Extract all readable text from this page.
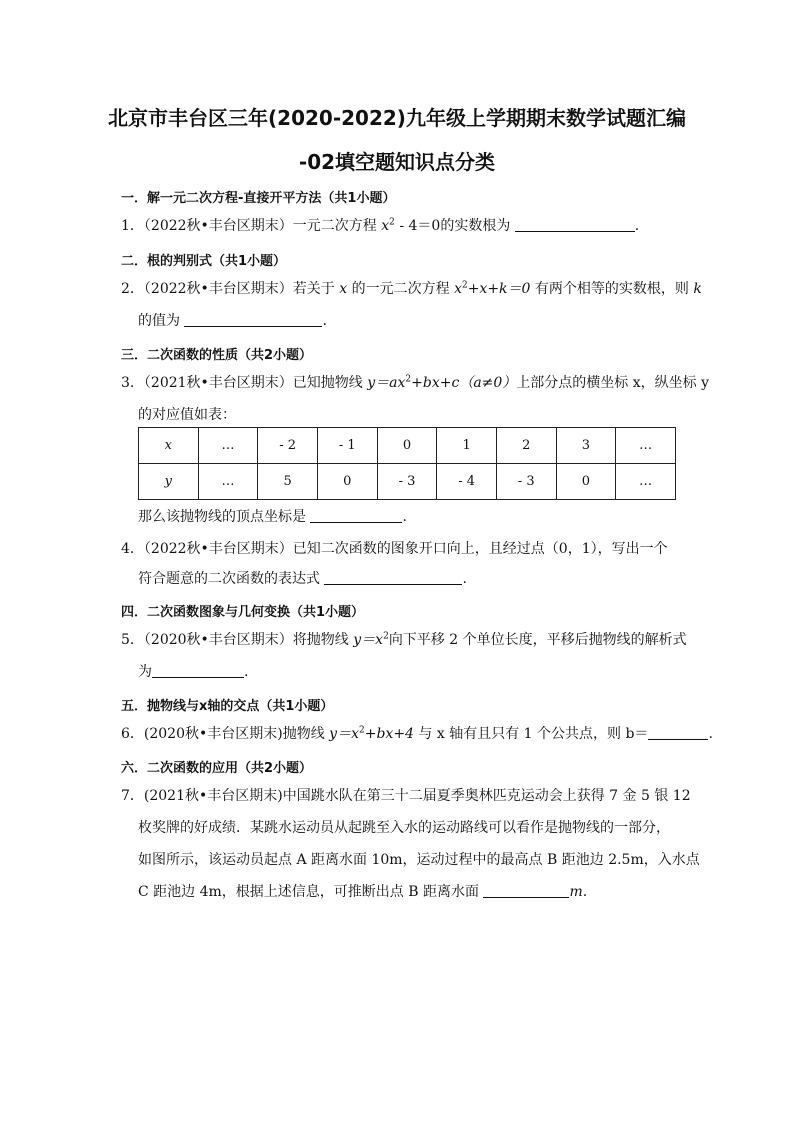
北京市丰台区三年(2020-2022)九年级上学期期末数学试题汇编
-02填空题知识点分类
一．解一元二次方程-直接开平方法（共1小题）
1．（2022秋•丰台区期末）一元二次方程 $x^2 - 4=0$的实数根为	.
二．根的判别式（共1小题）
2．（2022秋•丰台区期末）若关于 x 的一元二次方程 $x^2+x+k=0$ 有两个相等的实数根，则 k
的值为	.
三．二次函数的性质（共2小题）
3．（2021秋•丰台区期末）已知抛物线 $y=ax^2+bx+c(a\ne 0)$上部分点的横坐标 x，纵坐标 y
的对应值如表：
x	…	- 2	- 1	0	1	2	3	…
y	…	5	0	- 3	- 4	- 3	0	…
那么该抛物线的顶点坐标是	.
4．（2022秋•丰台区期末）已知二次函数的图象开口向上，且经过点（0，1），写出一个
符合题意的二次函数的表达式	.
四．二次函数图象与几何变换（共1小题）
5．（2020秋•丰台区期末）将抛物线 $y=x^2$向下平移 2 个单位长度，平移后抛物线的解析式
为	.
五．抛物线与x轴的交点（共1小题）
6．(2020秋•丰台区期末)抛物线 $y=x^2+bx+4$ 与 x 轴有且只有 1 个公共点，则 b＝	.
六．二次函数的应用（共2小题）
7．(2021秋•丰台区期末)中国跳水队在第三十二届夏季奥林匹克运动会上获得 7 金 5 银 12
枚奖牌的好成绩．某跳水运动员从起跳至入水的运动路线可以看作是抛物线的一部分，
如图所示，该运动员起点 A 距离水面 10m，运动过程中的最高点 B 距池边 2.5m，入水点
C 距池边 4m，根据上述信息，可推断出点 B 距离水面	m.
